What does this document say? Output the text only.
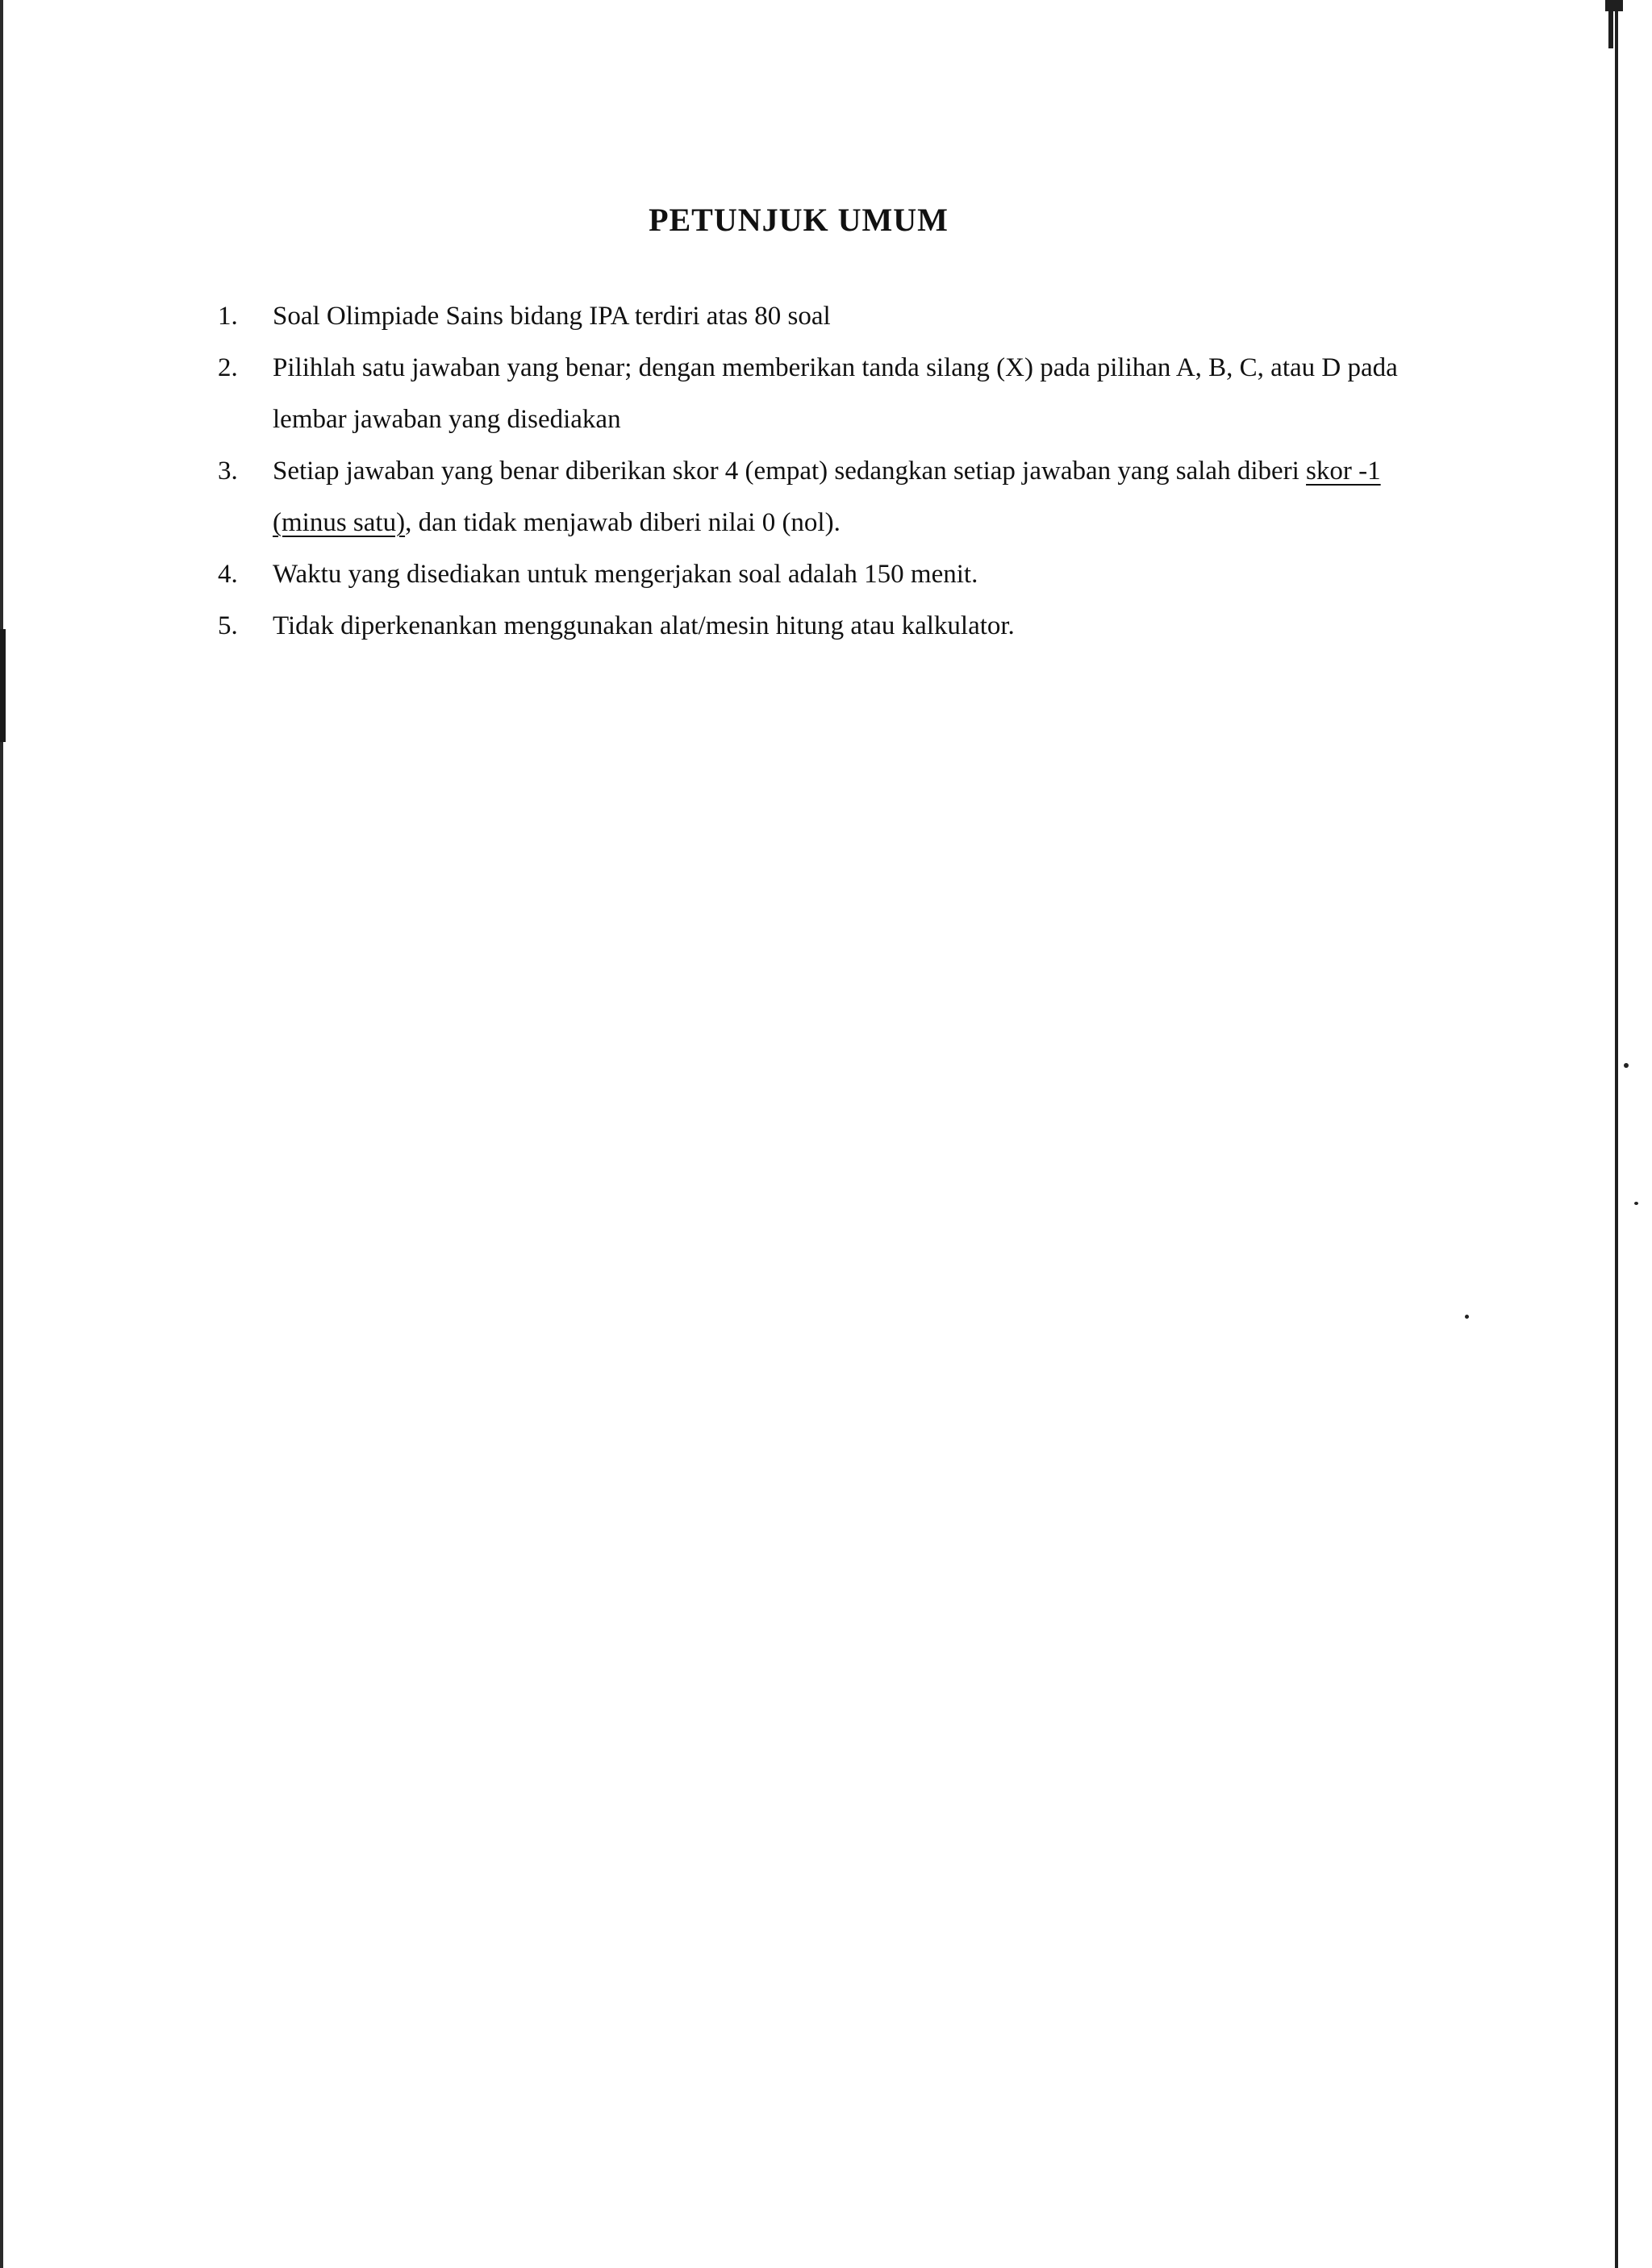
PETUNJUK UMUM
1. Soal Olimpiade Sains bidang IPA terdiri atas 80 soal
2. Pilihlah satu jawaban yang benar; dengan memberikan tanda silang (X) pada pilihan A, B, C, atau D pada lembar jawaban yang disediakan
3. Setiap jawaban yang benar diberikan skor 4 (empat) sedangkan setiap jawaban yang salah diberi skor -1 (minus satu), dan tidak menjawab diberi nilai 0 (nol).
4. Waktu yang disediakan untuk mengerjakan soal adalah 150 menit.
5. Tidak diperkenankan menggunakan alat/mesin hitung atau kalkulator.
